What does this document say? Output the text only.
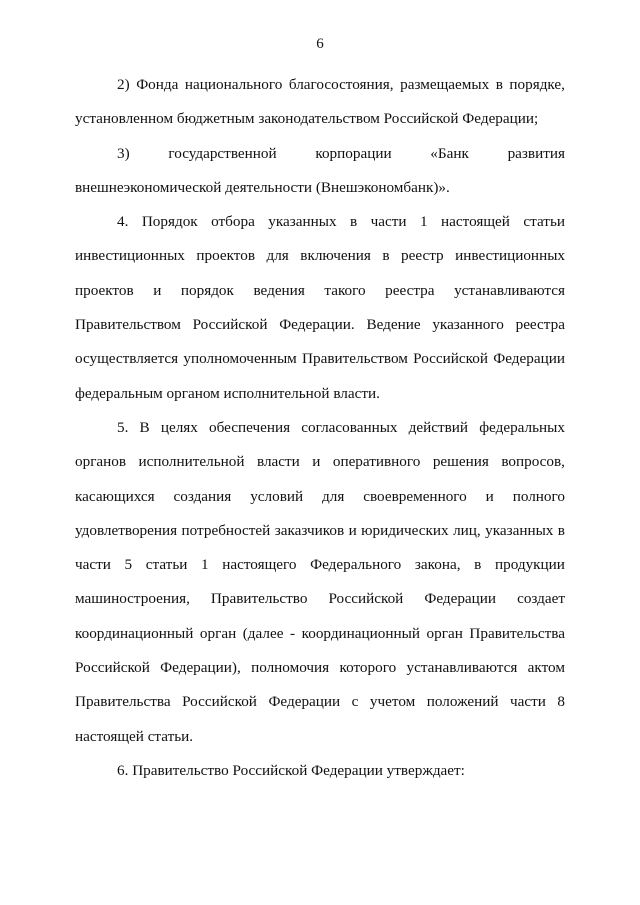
6
2) Фонда национального благосостояния, размещаемых в порядке,
установленном бюджетным законодательством Российской Федерации;
3)	государственной	корпорации	«Банк	развития
внешнеэкономической деятельности (Внешэкономбанк)».
4. Порядок отбора указанных в части 1 настоящей статьи
инвестиционных проектов для включения в реестр инвестиционных
проектов и порядок ведения такого реестра устанавливаются
Правительством Российской Федерации. Ведение указанного реестра
осуществляется уполномоченным Правительством Российской Федерации
федеральным органом исполнительной власти.
5. В целях обеспечения согласованных действий федеральных
органов исполнительной власти и оперативного решения вопросов,
касающихся создания условий для своевременного и полного
удовлетворения потребностей заказчиков и юридических лиц, указанных в
части 5 статьи 1 настоящего Федерального закона, в продукции
машиностроения, Правительство Российской Федерации создает
координационный орган (далее - координационный орган Правительства
Российской Федерации), полномочия которого устанавливаются актом
Правительства Российской Федерации с учетом положений части 8
настоящей статьи.
6. Правительство Российской Федерации утверждает:
